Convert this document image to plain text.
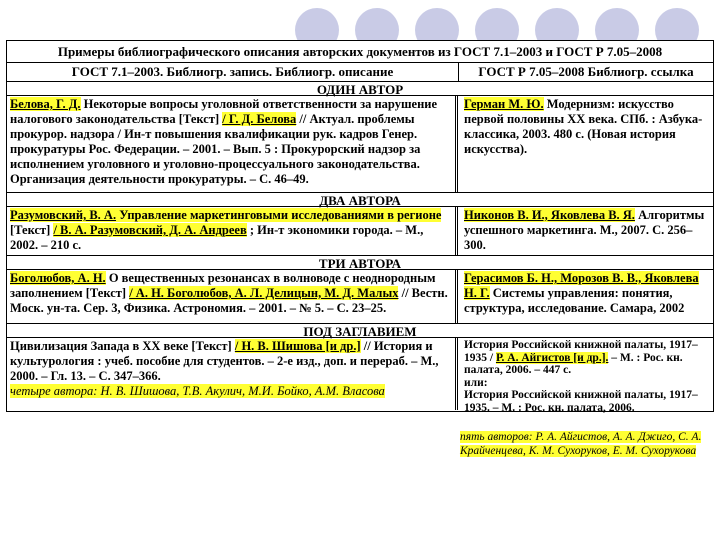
Примеры библиографического описания авторских документов из ГОСТ 7.1–2003 и ГОСТ Р 7.05–2008
ГОСТ 7.1–2003. Библиогр. запись. Библиогр. описание	ГОСТ Р 7.05–2008 Библиогр. ссылка
ОДИН АВТОР
Белова, Г. Д. Некоторые вопросы уголовной ответственности за нарушение налогового законодательства [Текст] / Г. Д. Белова // Актуал. проблемы прокурор. надзора / Ин-т повышения квалификации рук. кадров Генер. прокуратуры Рос. Федерации. – 2001. – Вып. 5 : Прокурорский надзор за исполнением уголовного и уголовно-процессуального законодательства. Организация деятельности прокуратуры. – С. 46–49.
Герман М. Ю. Модернизм: искусство первой половины XX века. СПб. : Азбука-классика, 2003. 480 с. (Новая история искусства).
ДВА АВТОРА
Разумовский, В. А. Управление маркетинговыми исследованиями в регионе [Текст] / В. А. Разумовский, Д. А. Андреев ; Ин-т экономики города. – М., 2002. – 210 с.
Никонов В. И., Яковлева В. Я. Алгоритмы успешного маркетинга. М., 2007. С. 256–300.
ТРИ АВТОРА
Боголюбов, А. Н. О вещественных резонансах в волноводе с неоднородным заполнением [Текст] / А. Н. Боголюбов, А. Л. Делицын, М. Д. Малых // Вестн. Моск. ун-та. Сер. 3, Физика. Астрономия. – 2001. – № 5. – С. 23–25.
Герасимов Б. Н., Морозов В. В., Яковлева Н. Г. Системы управления: понятия, структура, исследование. Самара, 2002
ПОД ЗАГЛАВИЕМ
Цивилизация Запада в XX веке [Текст] / Н. В. Шишова [и др.] // История и культурология : учеб. пособие для студентов. – 2-е изд., доп. и перераб. – М., 2000. – Гл. 13. – С. 347–366.
четыре автора: Н. В. Шишова, Т.В. Акулич, М.И. Бойко, А.М. Власова
История Российской книжной палаты, 1917–1935 / Р. А. Айгистов [и др.]. – М. : Рос. кн. палата, 2006. – 447 с.
или:
История Российской книжной палаты, 1917–1935. – М. : Рос. кн. палата, 2006.
пять авторов: Р. А. Айгистов, А. А. Джиго, С. А. Крайченцева, К. М. Сухоруков, Е. М. Сухорукова
